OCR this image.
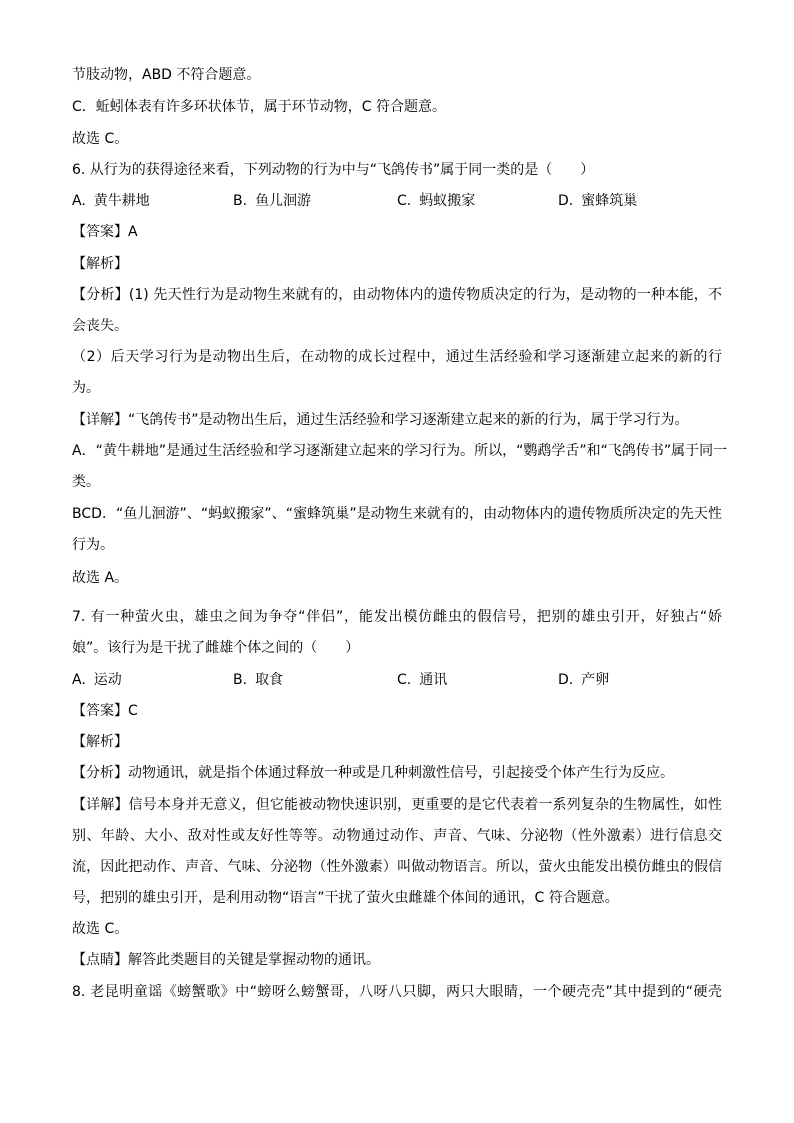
节肢动物，ABD 不符合题意。
C．蚯蚓体表有许多环状体节，属于环节动物，C 符合题意。
故选 C。
6. 从行为的获得途径来看，下列动物的行为中与“飞鸽传书”属于同一类的是（　　）
A. 黄牛耕地	B. 鱼儿洄游	C. 蚂蚁搬家	D. 蜜蜂筑巢
【答案】A
【解析】
【分析】(1) 先天性行为是动物生来就有的，由动物体内的遗传物质决定的行为，是动物的一种本能，不
会丧失。
（2）后天学习行为是动物出生后，在动物的成长过程中，通过生活经验和学习逐渐建立起来的新的行
为。
【详解】“飞鸽传书”是动物出生后，通过生活经验和学习逐渐建立起来的新的行为，属于学习行为。
A．“黄牛耕地”是通过生活经验和学习逐渐建立起来的学习行为。所以，“鹦鹉学舌”和“飞鸽传书”属于同一
类。
BCD．“鱼儿洄游”、“蚂蚁搬家”、“蜜蜂筑巢”是动物生来就有的，由动物体内的遗传物质所决定的先天性
行为。
故选 A。
7. 有一种萤火虫，雄虫之间为争夺“伴侣”，能发出模仿雌虫的假信号，把别的雄虫引开，好独占“娇
娘”。该行为是干扰了雌雄个体之间的（　　）
A. 运动	B. 取食	C. 通讯	D. 产卵
【答案】C
【解析】
【分析】动物通讯，就是指个体通过释放一种或是几种刺激性信号，引起接受个体产生行为反应。
【详解】信号本身并无意义，但它能被动物快速识别，更重要的是它代表着一系列复杂的生物属性，如性
别、年龄、大小、敌对性或友好性等等。动物通过动作、声音、气味、分泌物（性外激素）进行信息交
流，因此把动作、声音、气味、分泌物（性外激素）叫做动物语言。所以，萤火虫能发出模仿雌虫的假信
号，把别的雄虫引开，是利用动物“语言”干扰了萤火虫雌雄个体间的通讯，C 符合题意。
故选 C。
【点睛】解答此类题目的关键是掌握动物的通讯。
8. 老昆明童谣《螃蟹歌》中“螃呀么螃蟹哥，八呀八只脚，两只大眼睛，一个硬壳壳”其中提到的“硬壳
